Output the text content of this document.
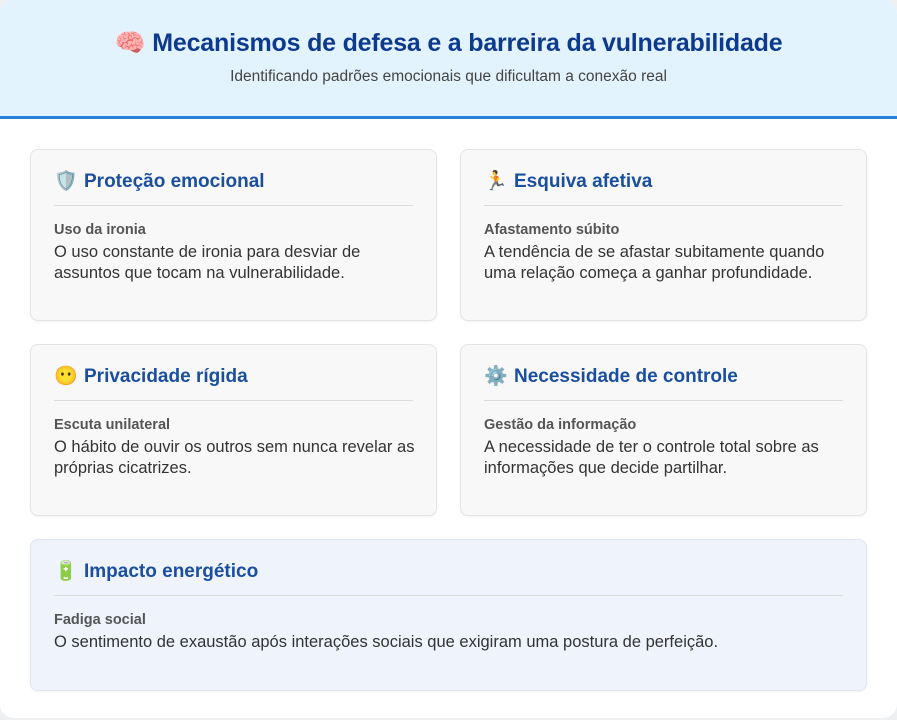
🧠 Mecanismos de defesa e a barreira da vulnerabilidade
Identificando padrões emocionais que dificultam a conexão real
🛡️ Proteção emocional
Uso da ironia
O uso constante de ironia para desviar de assuntos que tocam na vulnerabilidade.
🏃 Esquiva afetiva
Afastamento súbito
A tendência de se afastar subitamente quando uma relação começa a ganhar profundidade.
😶 Privacidade rígida
Escuta unilateral
O hábito de ouvir os outros sem nunca revelar as próprias cicatrizes.
⚙️ Necessidade de controle
Gestão da informação
A necessidade de ter o controle total sobre as informações que decide partilhar.
🔋 Impacto energético
Fadiga social
O sentimento de exaustão após interações sociais que exigiram uma postura de perfeição.
